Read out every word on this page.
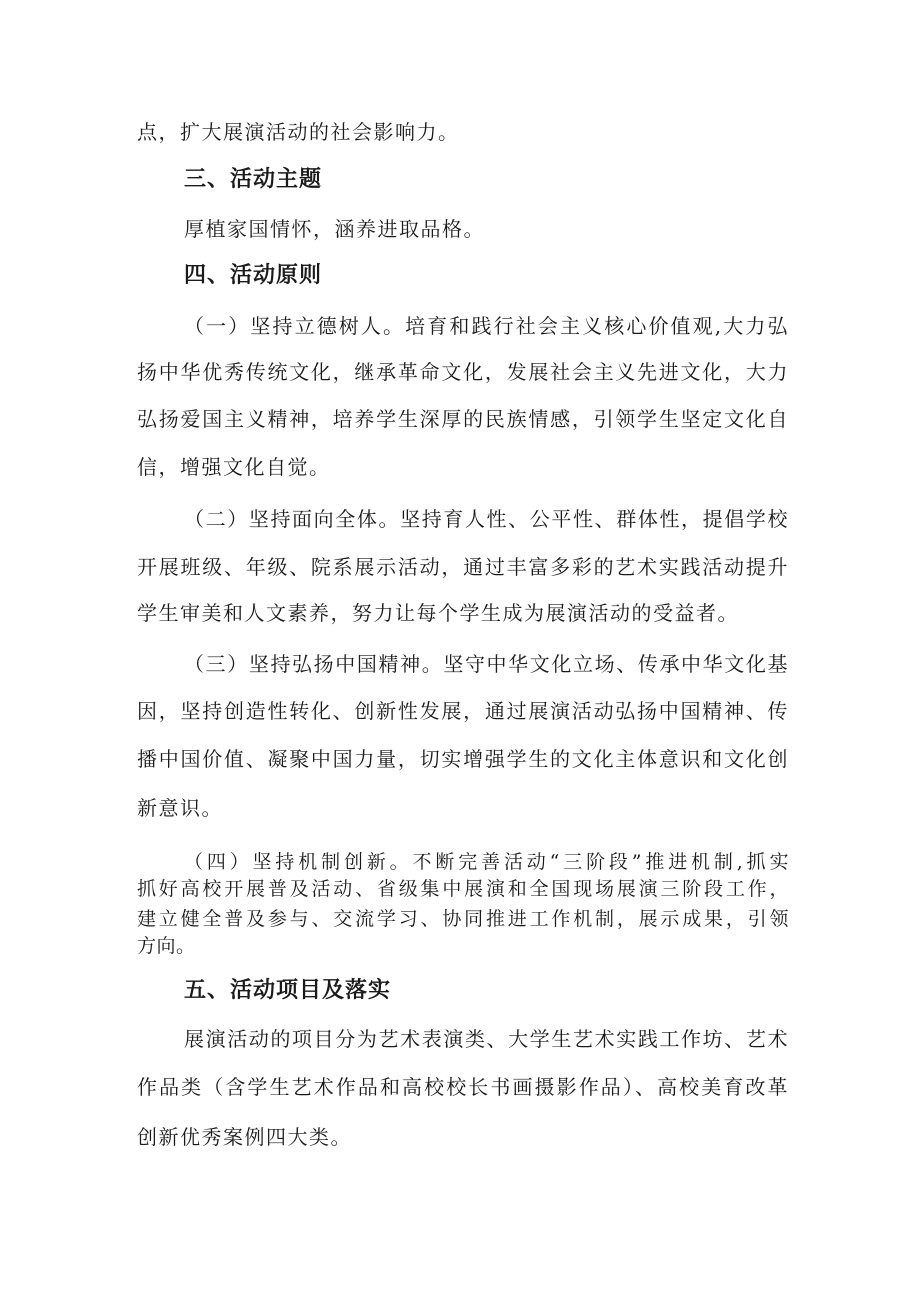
点，扩大展演活动的社会影响力。
三、活动主题
厚植家国情怀，涵养进取品格。
四、活动原则
（一）坚持立德树人。培育和践行社会主义核心价值观,大力弘
扬中华优秀传统文化，继承革命文化，发展社会主义先进文化，大力
弘扬爱国主义精神，培养学生深厚的民族情感，引领学生坚定文化自
信，增强文化自觉。
（二）坚持面向全体。坚持育人性、公平性、群体性，提倡学校
开展班级、年级、院系展示活动，通过丰富多彩的艺术实践活动提升
学生审美和人文素养，努力让每个学生成为展演活动的受益者。
（三）坚持弘扬中国精神。坚守中华文化立场、传承中华文化基
因，坚持创造性转化、创新性发展，通过展演活动弘扬中国精神、传
播中国价值、凝聚中国力量，切实增强学生的文化主体意识和文化创
新意识。
（四）坚持机制创新。不断完善活动“三阶段”推进机制,抓实
抓好高校开展普及活动、省级集中展演和全国现场展演三阶段工作，
建立健全普及参与、交流学习、协同推进工作机制，展示成果，引领
方向。
五、活动项目及落实
展演活动的项目分为艺术表演类、大学生艺术实践工作坊、艺术
作品类（含学生艺术作品和高校校长书画摄影作品）、高校美育改革
创新优秀案例四大类。
